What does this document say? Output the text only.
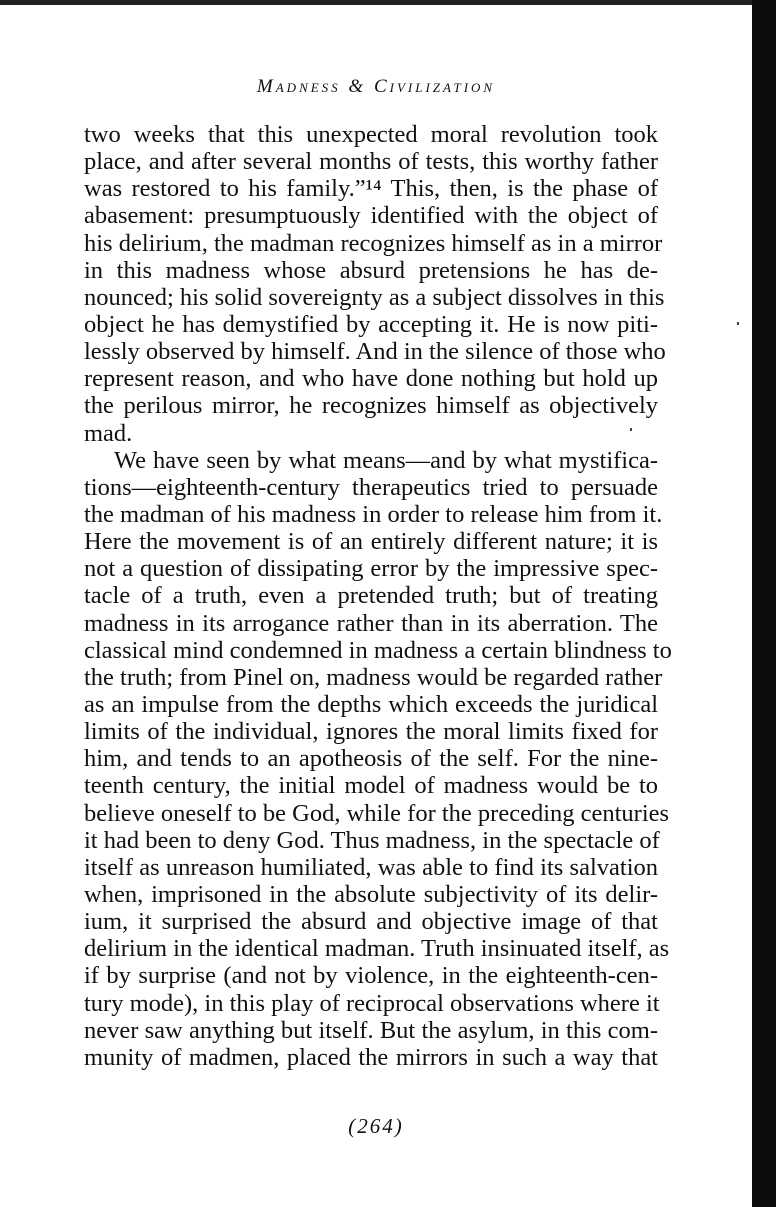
Madness & Civilization
two weeks that this unexpected moral revolution took
place, and after several months of tests, this worthy father
was restored to his family.”¹⁴ This, then, is the phase of
abasement: presumptuously identified with the object of
his delirium, the madman recognizes himself as in a mirror
in this madness whose absurd pretensions he has de-
nounced; his solid sovereignty as a subject dissolves in this
object he has demystified by accepting it. He is now piti-
lessly observed by himself. And in the silence of those who
represent reason, and who have done nothing but hold up
the perilous mirror, he recognizes himself as objectively
mad.
We have seen by what means—and by what mystifica-
tions—eighteenth-century therapeutics tried to persuade
the madman of his madness in order to release him from it.
Here the movement is of an entirely different nature; it is
not a question of dissipating error by the impressive spec-
tacle of a truth, even a pretended truth; but of treating
madness in its arrogance rather than in its aberration. The
classical mind condemned in madness a certain blindness to
the truth; from Pinel on, madness would be regarded rather
as an impulse from the depths which exceeds the juridical
limits of the individual, ignores the moral limits fixed for
him, and tends to an apotheosis of the self. For the nine-
teenth century, the initial model of madness would be to
believe oneself to be God, while for the preceding centuries
it had been to deny God. Thus madness, in the spectacle of
itself as unreason humiliated, was able to find its salvation
when, imprisoned in the absolute subjectivity of its delir-
ium, it surprised the absurd and objective image of that
delirium in the identical madman. Truth insinuated itself, as
if by surprise (and not by violence, in the eighteenth-cen-
tury mode), in this play of reciprocal observations where it
never saw anything but itself. But the asylum, in this com-
munity of madmen, placed the mirrors in such a way that
(264)
